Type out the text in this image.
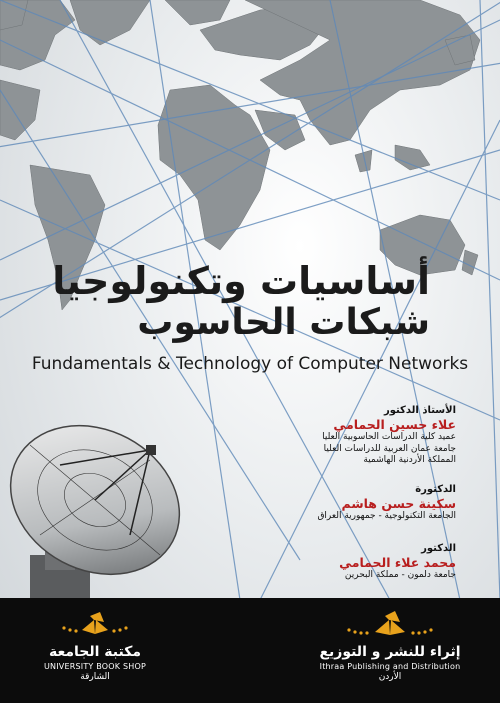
أساسيات وتكنولوجيا
شبكات الحاسوب
Fundamentals & Technology of Computer Networks
الأستاذ الدكتور
علاء حسين الحمامي
عميد كلية الدراسات الحاسوبية العليا
جامعة عمان العربية للدراسات العليا
المملكة الأردنية الهاشمية
الدكتورة
سكينة حسن هاشم
الجامعة التكنولوجية - جمهورية العراق
الدكتور
محمد علاء الحمامي
جامعة دلمون - مملكة البحرين
مكتبة الجامعة
UNIVERSITY BOOK SHOP
الشارقة
إثراء للنشر و التوزيع
Ithraa Publishing and Distribution
الأردن
